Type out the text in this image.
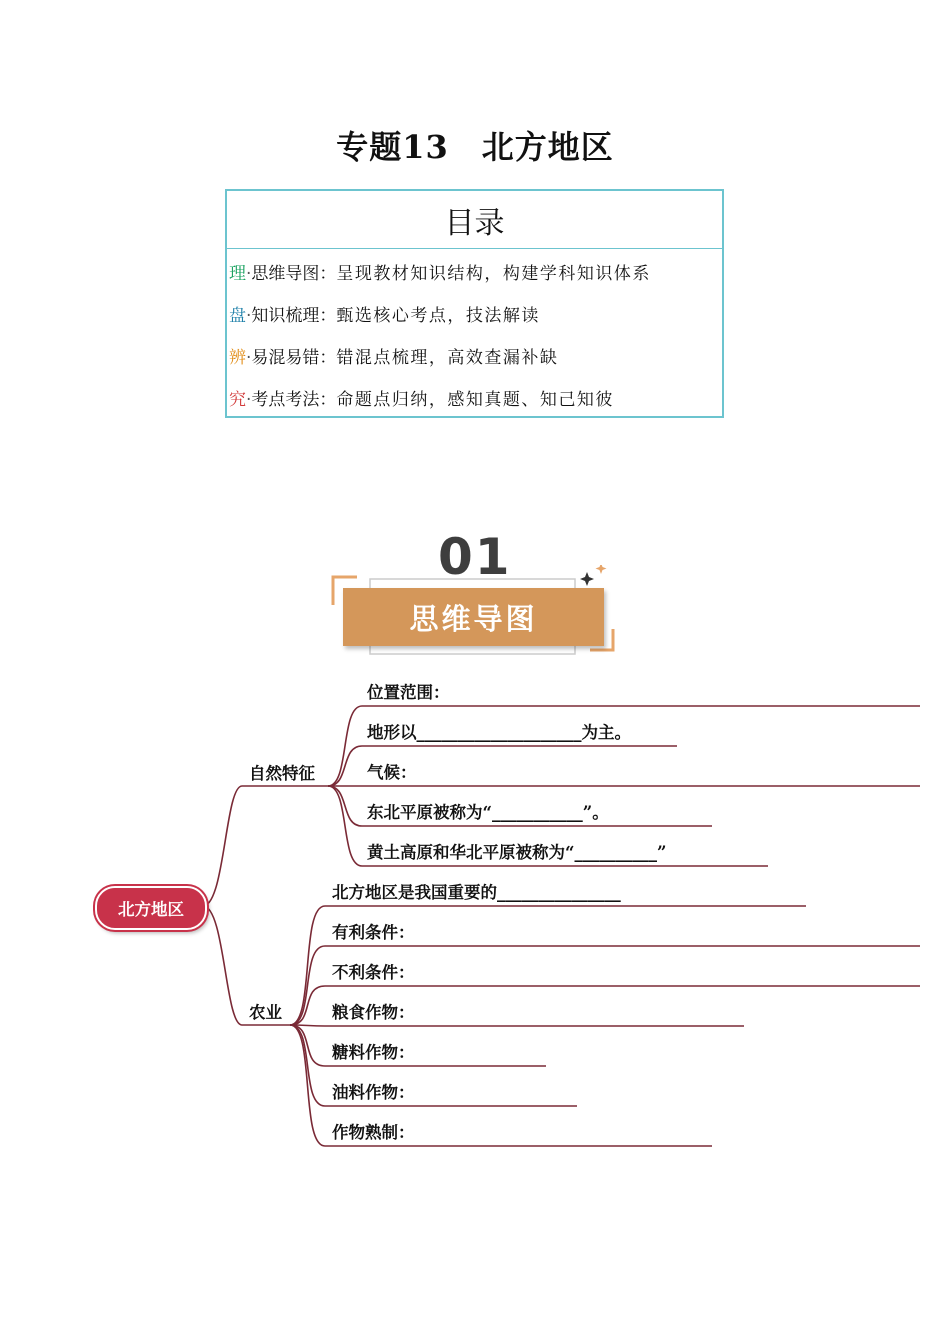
专题13　北方地区
目录
理·思维导图：呈现教材知识结构，构建学科知识体系
盘·知识梳理：甄选核心考点，技法解读
辨·易混易错：错混点梳理，高效查漏补缺
究·考点考法：命题点归纳，感知真题、知己知彼
01
思维导图
北方地区
自然特征
农业
位置范围：
地形以____________________为主。
气候：
东北平原被称为“___________”。
黄土高原和华北平原被称为“__________”
北方地区是我国重要的_______________
有利条件：
不利条件：
粮食作物：
糖料作物：
油料作物：
作物熟制：
